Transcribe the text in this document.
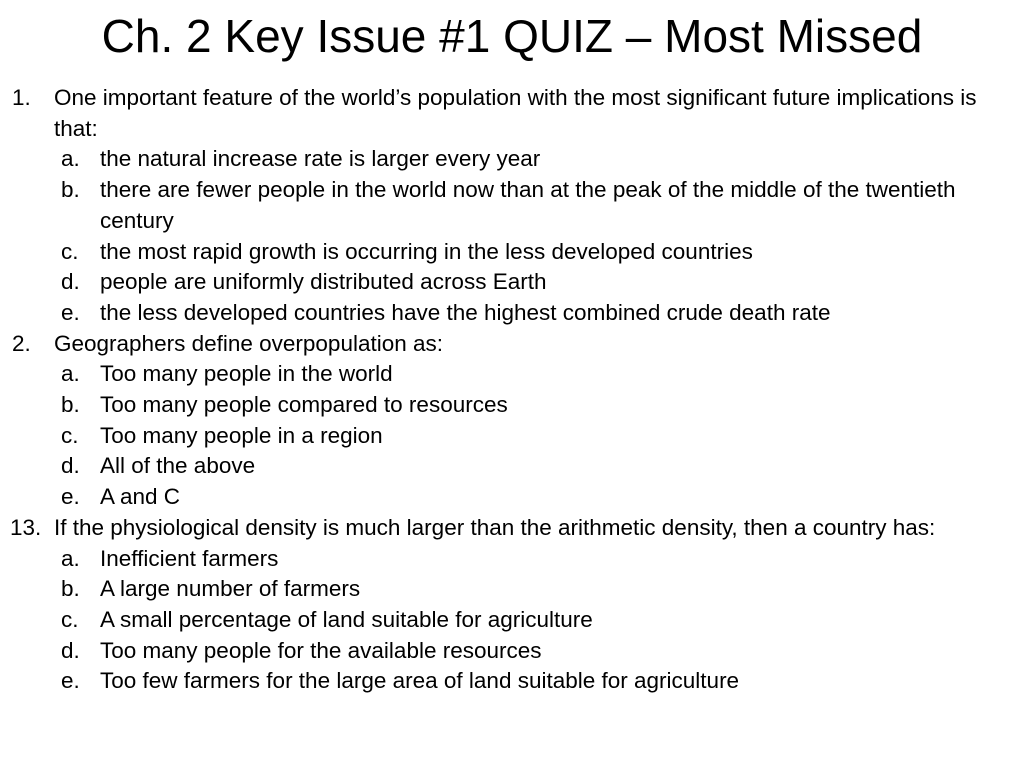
Ch. 2 Key Issue #1 QUIZ – Most Missed
1. One important feature of the world’s population with the most significant future implications is that:
a. the natural increase rate is larger every year
b. there are fewer people in the world now than at the peak of the middle of the twentieth century
c. the most rapid growth is occurring in the less developed countries
d. people are uniformly distributed across Earth
e. the less developed countries have the highest combined crude death rate
2. Geographers define overpopulation as:
a. Too many people in the world
b. Too many people compared to resources
c. Too many people in a region
d. All of the above
e. A and C
13. If the physiological density is much larger than the arithmetic density, then a country has:
a. Inefficient farmers
b. A large number of farmers
c. A small percentage of land suitable for agriculture
d. Too many people for the available resources
e. Too few farmers for the large area of land suitable for agriculture
